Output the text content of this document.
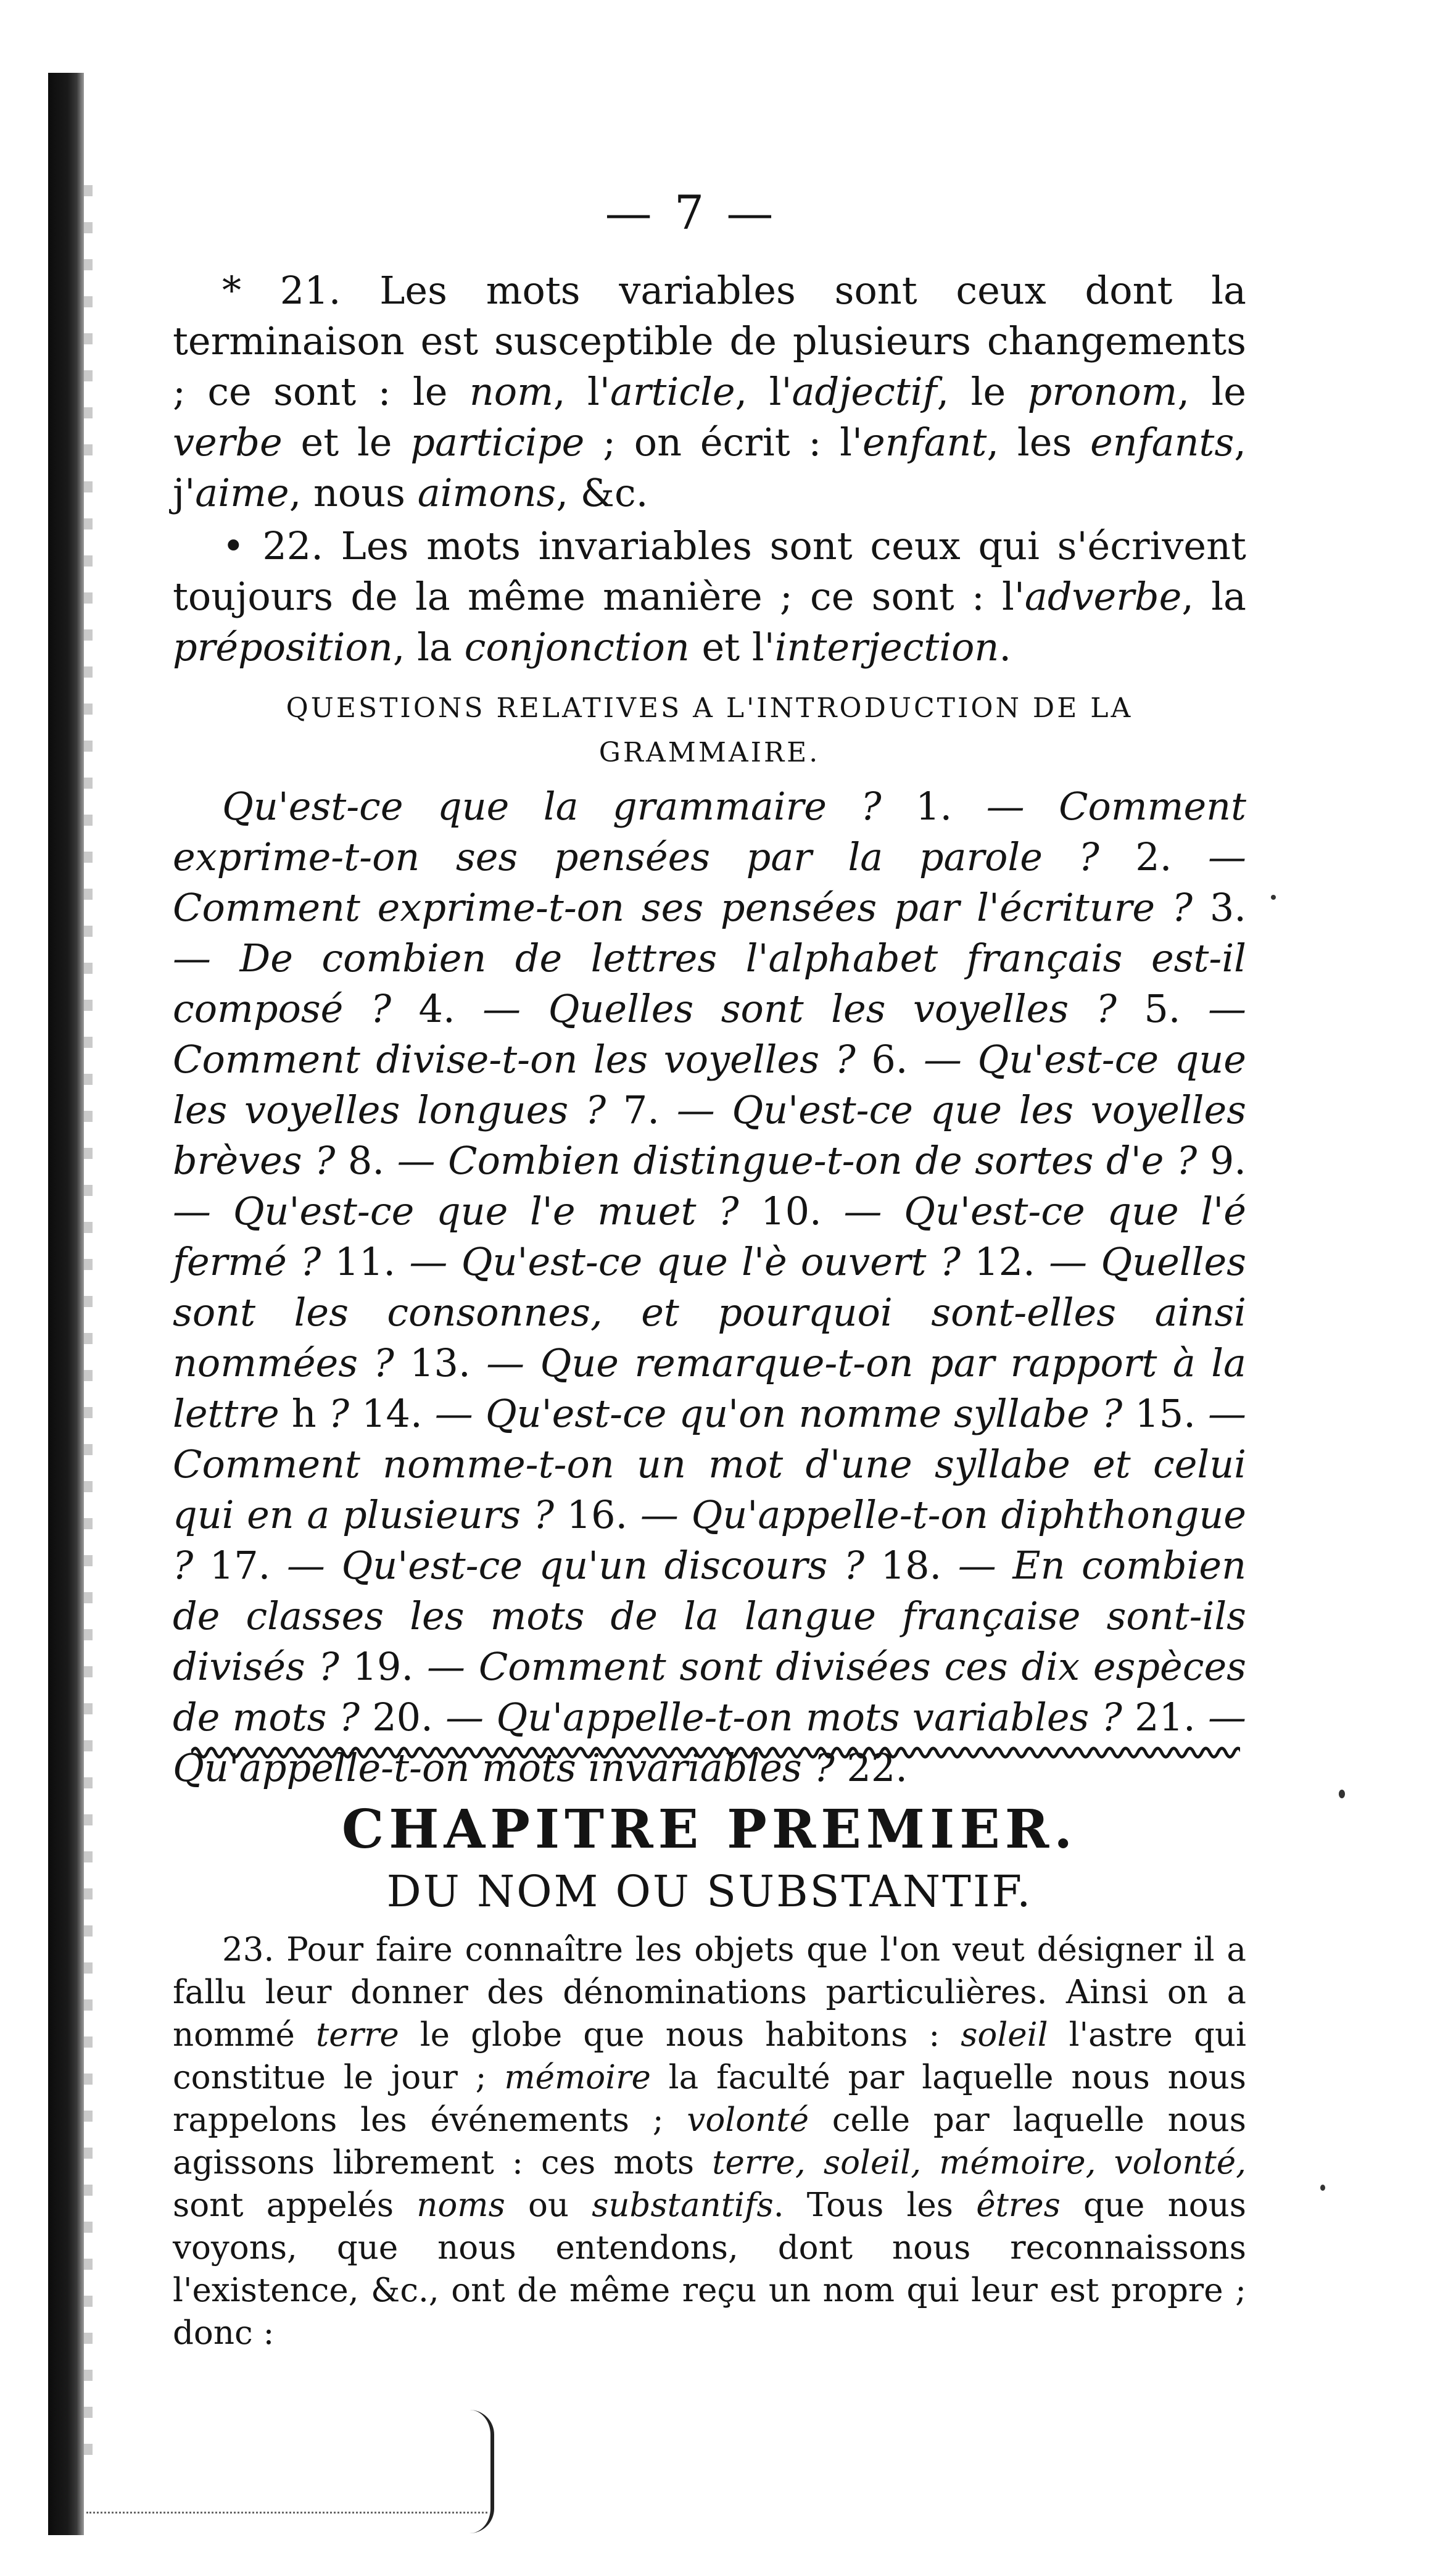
— 7 —

* 21. Les mots variables sont ceux dont la terminaison est susceptible de plusieurs changements ; ce sont : le nom, l'article, l'adjectif, le pronom, le verbe et le participe ; on écrit : l'enfant, les enfants, j'aime, nous aimons, &c.

• 22. Les mots invariables sont ceux qui s'écrivent toujours de la même manière ; ce sont : l'adverbe, la préposition, la conjonction et l'interjection.

QUESTIONS RELATIVES A L'INTRODUCTION DE LA GRAMMAIRE.

Qu'est-ce que la grammaire ? 1. — Comment exprime-t-on ses pensées par la parole ? 2. — Comment exprime-t-on ses pensées par l'écriture ? 3. — De combien de lettres l'alphabet français est-il composé ? 4. — Quelles sont les voyelles ? 5. — Comment divise-t-on les voyelles ? 6. — Qu'est-ce que les voyelles longues ? 7. — Qu'est-ce que les voyelles brèves ? 8. — Combien distingue-t-on de sortes d'e ? 9. — Qu'est-ce que l'e muet ? 10. — Qu'est-ce que l'é fermé ? 11. — Qu'est-ce que l'è ouvert ? 12. — Quelles sont les consonnes, et pourquoi sont-elles ainsi nommées ? 13. — Que remarque-t-on par rapport à la lettre h ? 14. — Qu'est-ce qu'on nomme syllabe ? 15. — Comment nomme-t-on un mot d'une syllabe et celui qui en a plusieurs ? 16. — Qu'appelle-t-on diphthongue ? 17. — Qu'est-ce qu'un discours ? 18. — En combien de classes les mots de la langue française sont-ils divisés ? 19. — Comment sont divisées ces dix espèces de mots ? 20. — Qu'appelle-t-on mots variables ? 21. — Qu'appelle-t-on mots invariables ? 22.

CHAPITRE PREMIER.
DU NOM OU SUBSTANTIF.
23. Pour faire connaître les objets que l'on veut désigner il a fallu leur donner des dénominations particulières. Ainsi on a nommé terre le globe que nous habitons : soleil l'astre qui constitue le jour ; mémoire la faculté par laquelle nous nous rappelons les événements ; volonté celle par laquelle nous agissons librement : ces mots terre, soleil, mémoire, volonté, sont appelés noms ou substantifs. Tous les êtres que nous voyons, que nous entendons, dont nous reconnaissons l'existence, &c., ont de même reçu un nom qui leur est propre ; donc :
